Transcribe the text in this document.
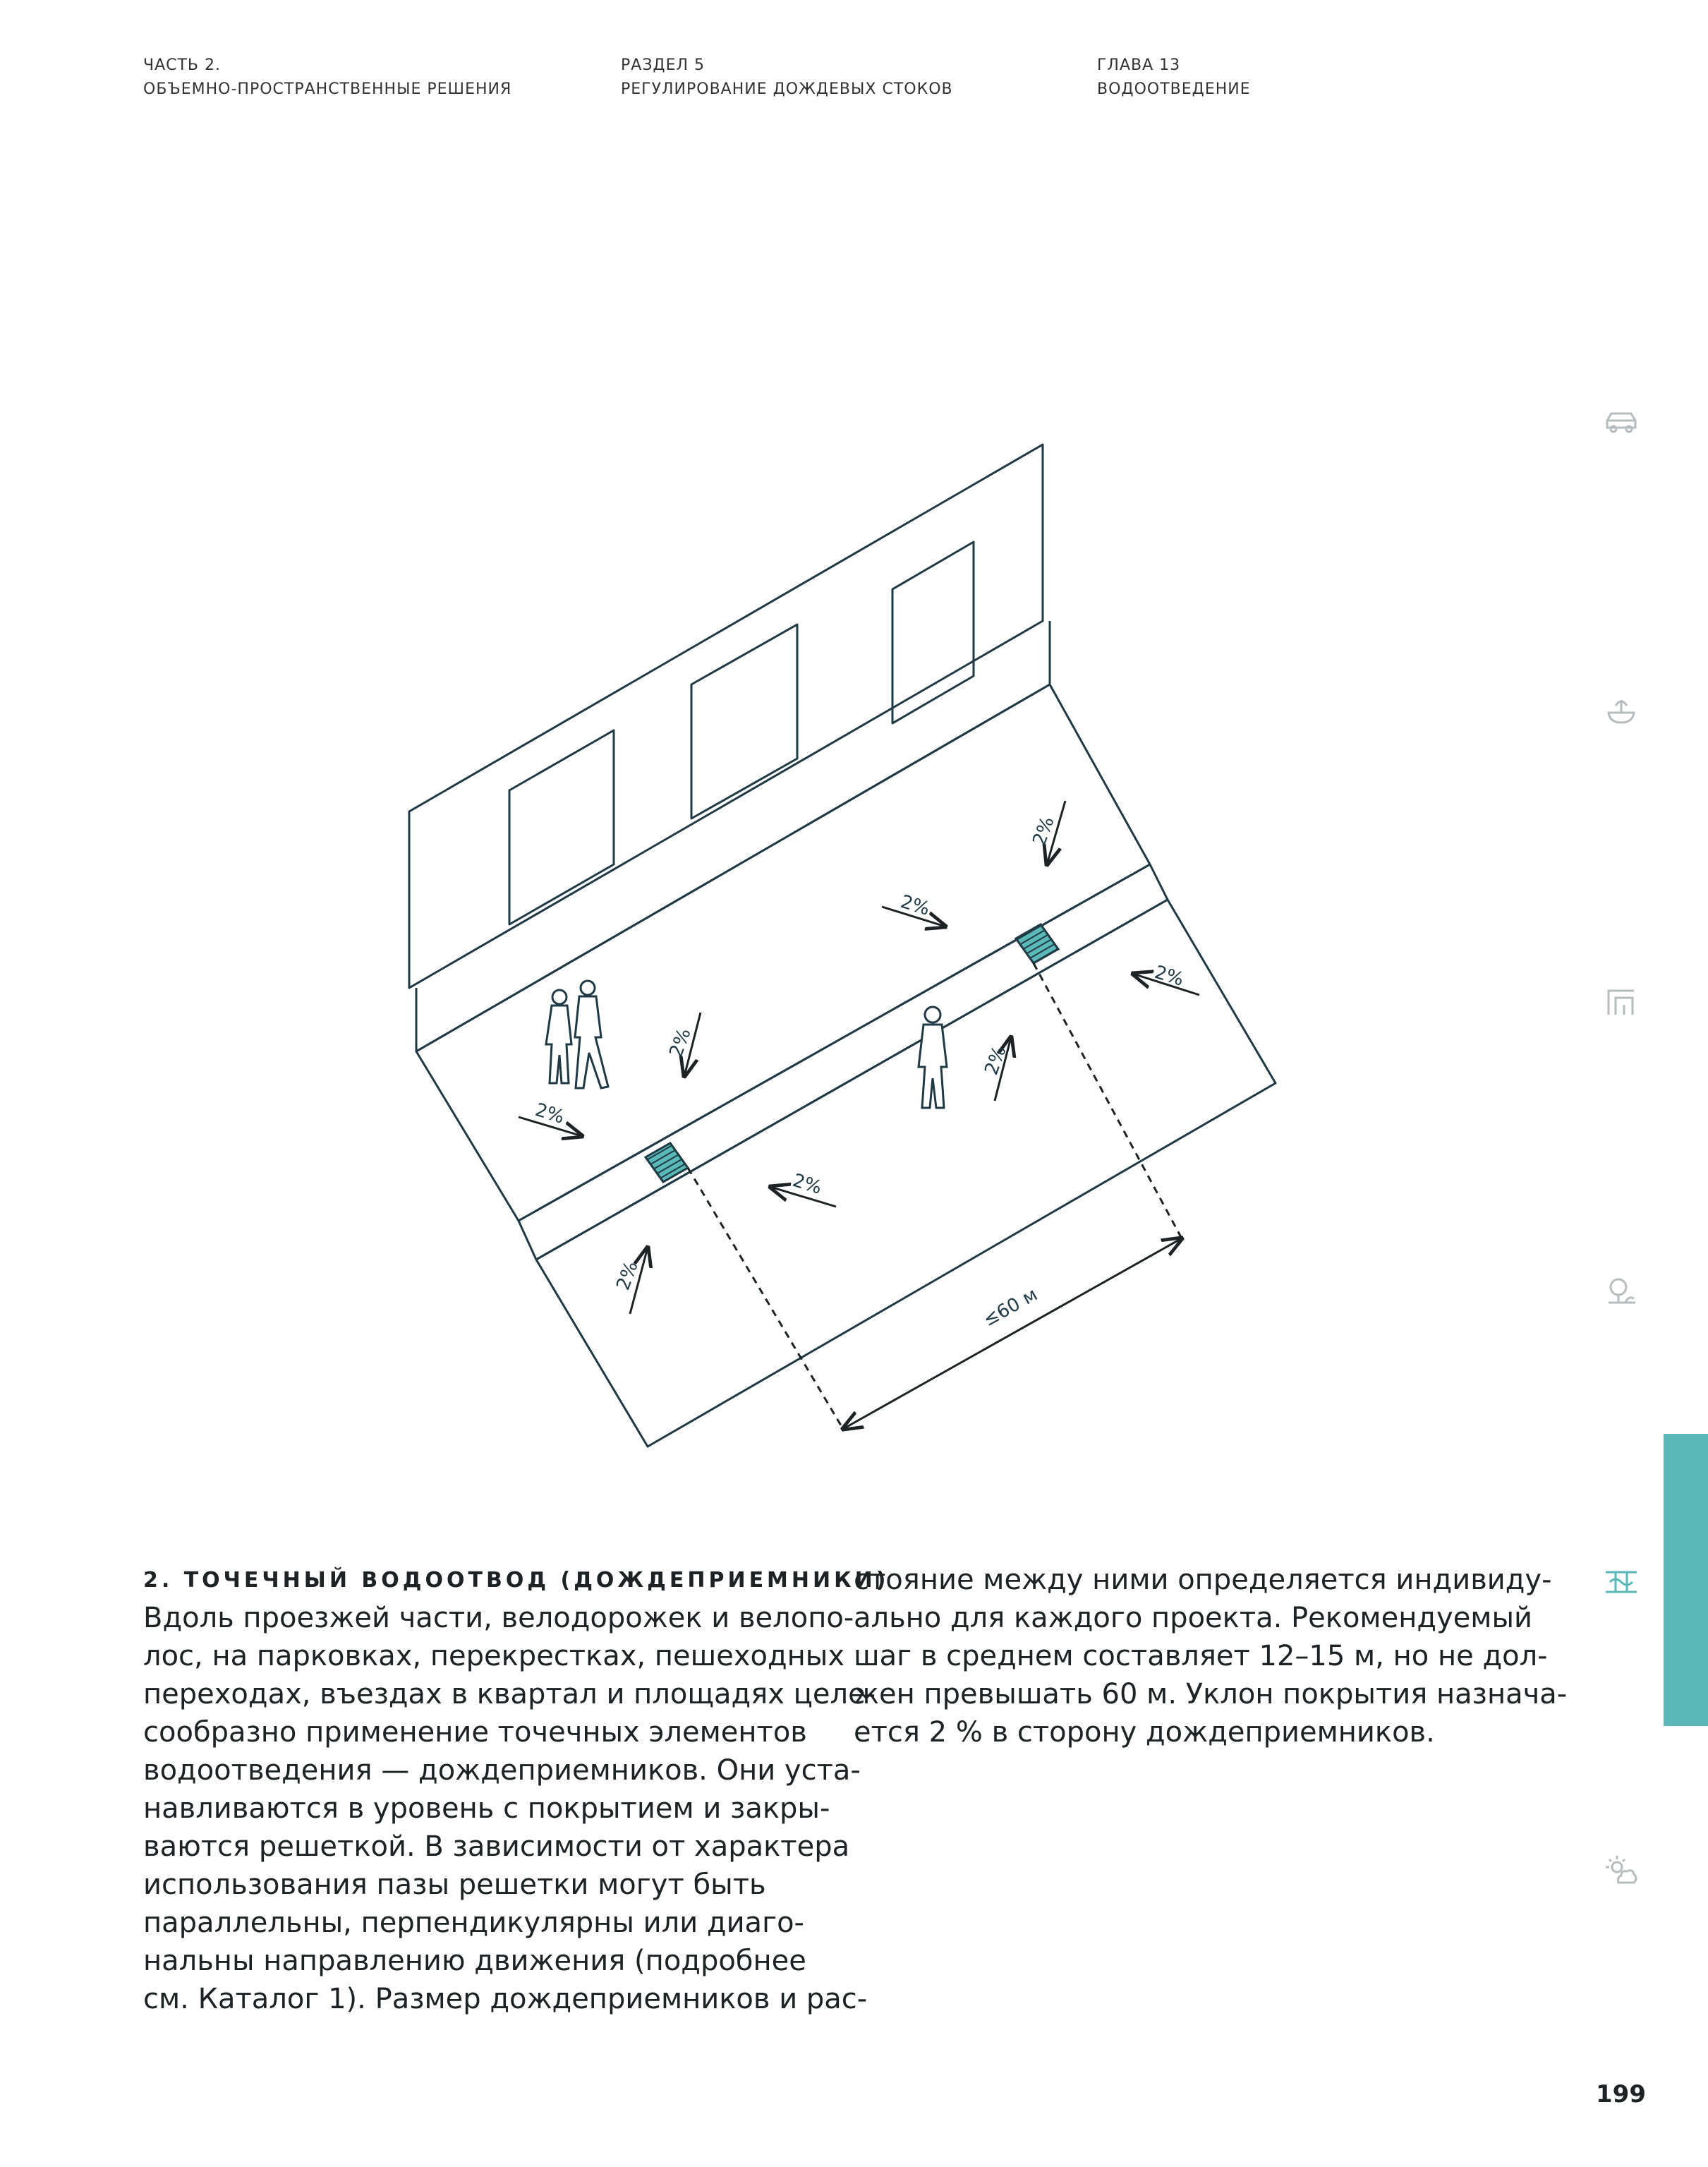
ЧАСТЬ 2.
ОБЪЕМНО-ПРОСТРАНСТВЕННЫЕ РЕШЕНИЯ
РАЗДЕЛ 5
РЕГУЛИРОВАНИЕ ДОЖДЕВЫХ СТОКОВ
ГЛАВА 13
ВОДООТВЕДЕНИЕ
≤60 м
2%
2%
2%
2%
2%
2%
2%
2%
2. ТОЧЕЧНЫЙ ВОДООТВОД (ДОЖДЕПРИЕМНИКИ)
Вдоль проезжей части, велодорожек и велопо-
лос, на парковках, перекрестках, пешеходных
переходах, въездах в квартал и площадях целе-
сообразно применение точечных элементов
водоотведения — дождеприемников. Они уста-
навливаются в уровень с покрытием и закры-
ваются решеткой. В зависимости от характера
использования пазы решетки могут быть
параллельны, перпендикулярны или диаго-
нальны направлению движения (подробнее
см. Каталог 1). Размер дождеприемников и рас-
стояние между ними определяется индивиду-
ально для каждого проекта. Рекомендуемый
шаг в среднем составляет 12–15 м, но не дол-
жен превышать 60 м. Уклон покрытия назнача-
ется 2 % в сторону дождеприемников.
199
